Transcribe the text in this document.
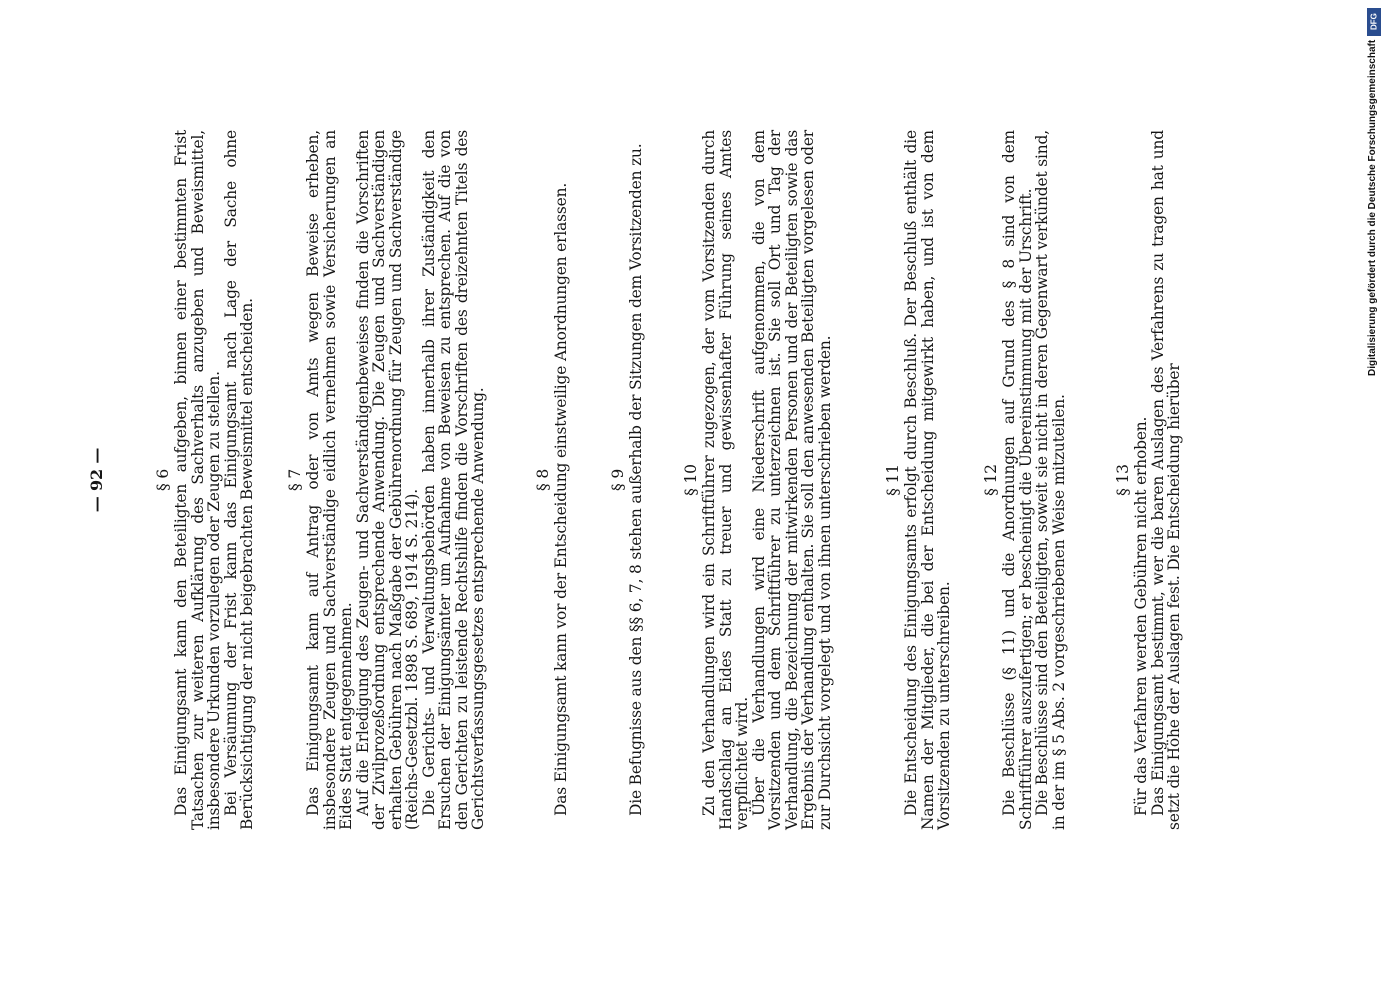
— 92 —	§ 6 Das Einigungsamt kann den Beteiligten aufgeben, binnen einer bestimmten Frist Tatsachen zur weiteren Aufklärung des Sachverhalts anzugeben und Beweismittel, insbesondere Urkunden vorzulegen oder Zeugen zu stellen.

Bei Versäumung der Frist kann das Einigungsamt nach Lage der Sache ohne Berücksichtigung der nicht beigebrachten Beweismittel entscheiden. § 7 Das Einigungsamt kann auf Antrag oder von Amts wegen Beweise erheben, insbesondere Zeugen und Sachverständige eidlich vernehmen sowie Versicherungen an Eides Statt entgegennehmen.

Auf die Erledigung des Zeugen- und Sachverständigenbeweises finden die Vorschriften der Zivilprozeßordnung entsprechende Anwendung. Die Zeugen und Sachverständigen erhalten Gebühren nach Maßgabe der Gebührenordnung für Zeugen und Sachverständige (Reichs-Gesetzbl. 1898 S. 689, 1914 S. 214).

Die Gerichts- und Verwaltungsbehörden haben innerhalb ihrer Zuständigkeit den Ersuchen der Einigungsämter um Aufnahme von Beweisen zu entsprechen. Auf die von den Gerichten zu leistende Rechtshilfe finden die Vorschriften des dreizehnten Titels des Gerichtsverfassungsgesetzes entsprechende Anwendung.	§ 8 Das Einigungsamt kann vor der Entscheidung einstweilige Anordnungen erlassen.	§ 9 Die Befugnisse aus den §§ 6, 7, 8 stehen außerhalb der Sitzungen dem Vorsitzenden zu. § 10 Zu den Verhandlungen wird ein Schriftführer zugezogen, der vom Vorsitzenden durch Handschlag an Eides Statt zu treuer und gewissenhafter Führung seines Amtes verpflichtet wird.

Über die Verhandlungen wird eine Niederschrift aufgenommen, die von dem Vorsitzenden und dem Schriftführer zu unterzeichnen ist. Sie soll Ort und Tag der Verhandlung, die Bezeichnung der mitwirkenden Personen und der Beteiligten sowie das Ergebnis der Verhandlung enthalten. Sie soll den anwesenden Beteiligten vorgelesen oder zur Durchsicht vorgelegt und von ihnen unterschrieben werden.	§ 11 Die Entscheidung des Einigungsamts erfolgt durch Beschluß. Der Beschluß enthält die Namen der Mitglieder, die bei der Entscheidung mitgewirkt haben, und ist von dem Vorsitzenden zu unterschreiben.

§ 12 Die Beschlüsse (§ 11) und die Anordnungen auf Grund des § 8 sind von dem Schriftführer auszufertigen; er bescheinigt die Übereinstimmung mit der Urschrift.

Die Beschlüsse sind den Beteiligten, soweit sie nicht in deren Gegenwart verkündet sind, in der im § 5 Abs. 2 vorgeschriebenen Weise mitzuteilen.	§ 13 Für das Verfahren werden Gebühren nicht erhoben.

Das Einigungsamt bestimmt, wer die baren Auslagen des Verfahrens zu tragen hat und setzt die Höhe der Auslagen fest. Die Entscheidung hierüber

DFG
Digitalisierung gefördert durch die Deutsche Forschungsgemeinschaft
